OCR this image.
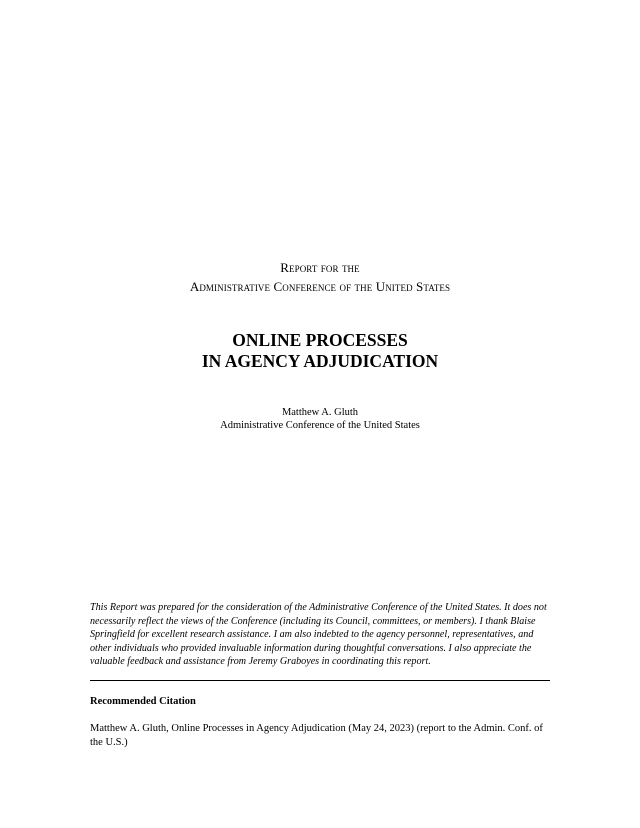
Report for the
Administrative Conference of the United States
ONLINE PROCESSES
IN AGENCY ADJUDICATION
Matthew A. Gluth
Administrative Conference of the United States
This Report was prepared for the consideration of the Administrative Conference of the United States. It does not necessarily reflect the views of the Conference (including its Council, committees, or members). I thank Blaise Springfield for excellent research assistance. I am also indebted to the agency personnel, representatives, and other individuals who provided invaluable information during thoughtful conversations. I also appreciate the valuable feedback and assistance from Jeremy Graboyes in coordinating this report.
Recommended Citation
Matthew A. Gluth, Online Processes in Agency Adjudication (May 24, 2023) (report to the Admin. Conf. of the U.S.)
